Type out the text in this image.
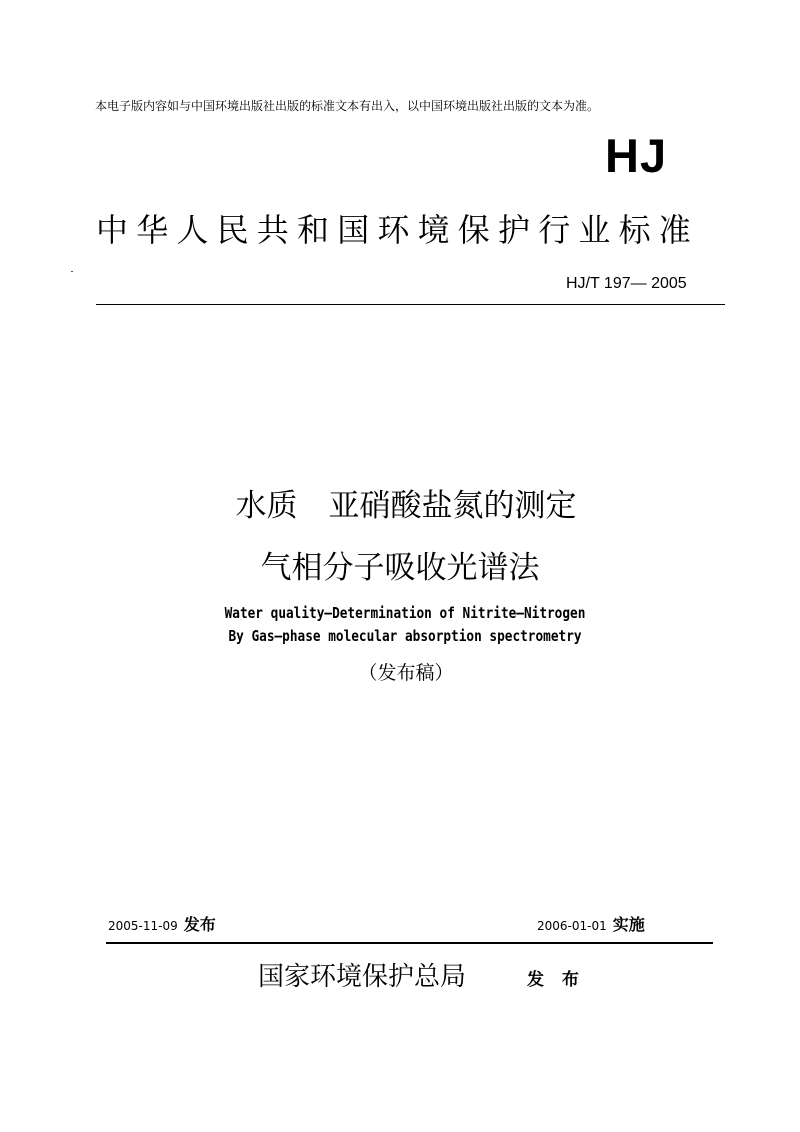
本电子版内容如与中国环境出版社出版的标准文本有出入，以中国环境出版社出版的文本为准。
HJ
中华人民共和国环境保护行业标准
HJ/T 197— 2005
水质　亚硝酸盐氮的测定
气相分子吸收光谱法
Water quality—Determination of Nitrite—Nitrogen
By Gas—phase molecular absorption spectrometry
（发布稿）
2005-11-09 发布	2006-01-01 实施
国家环境保护总局	发 布
